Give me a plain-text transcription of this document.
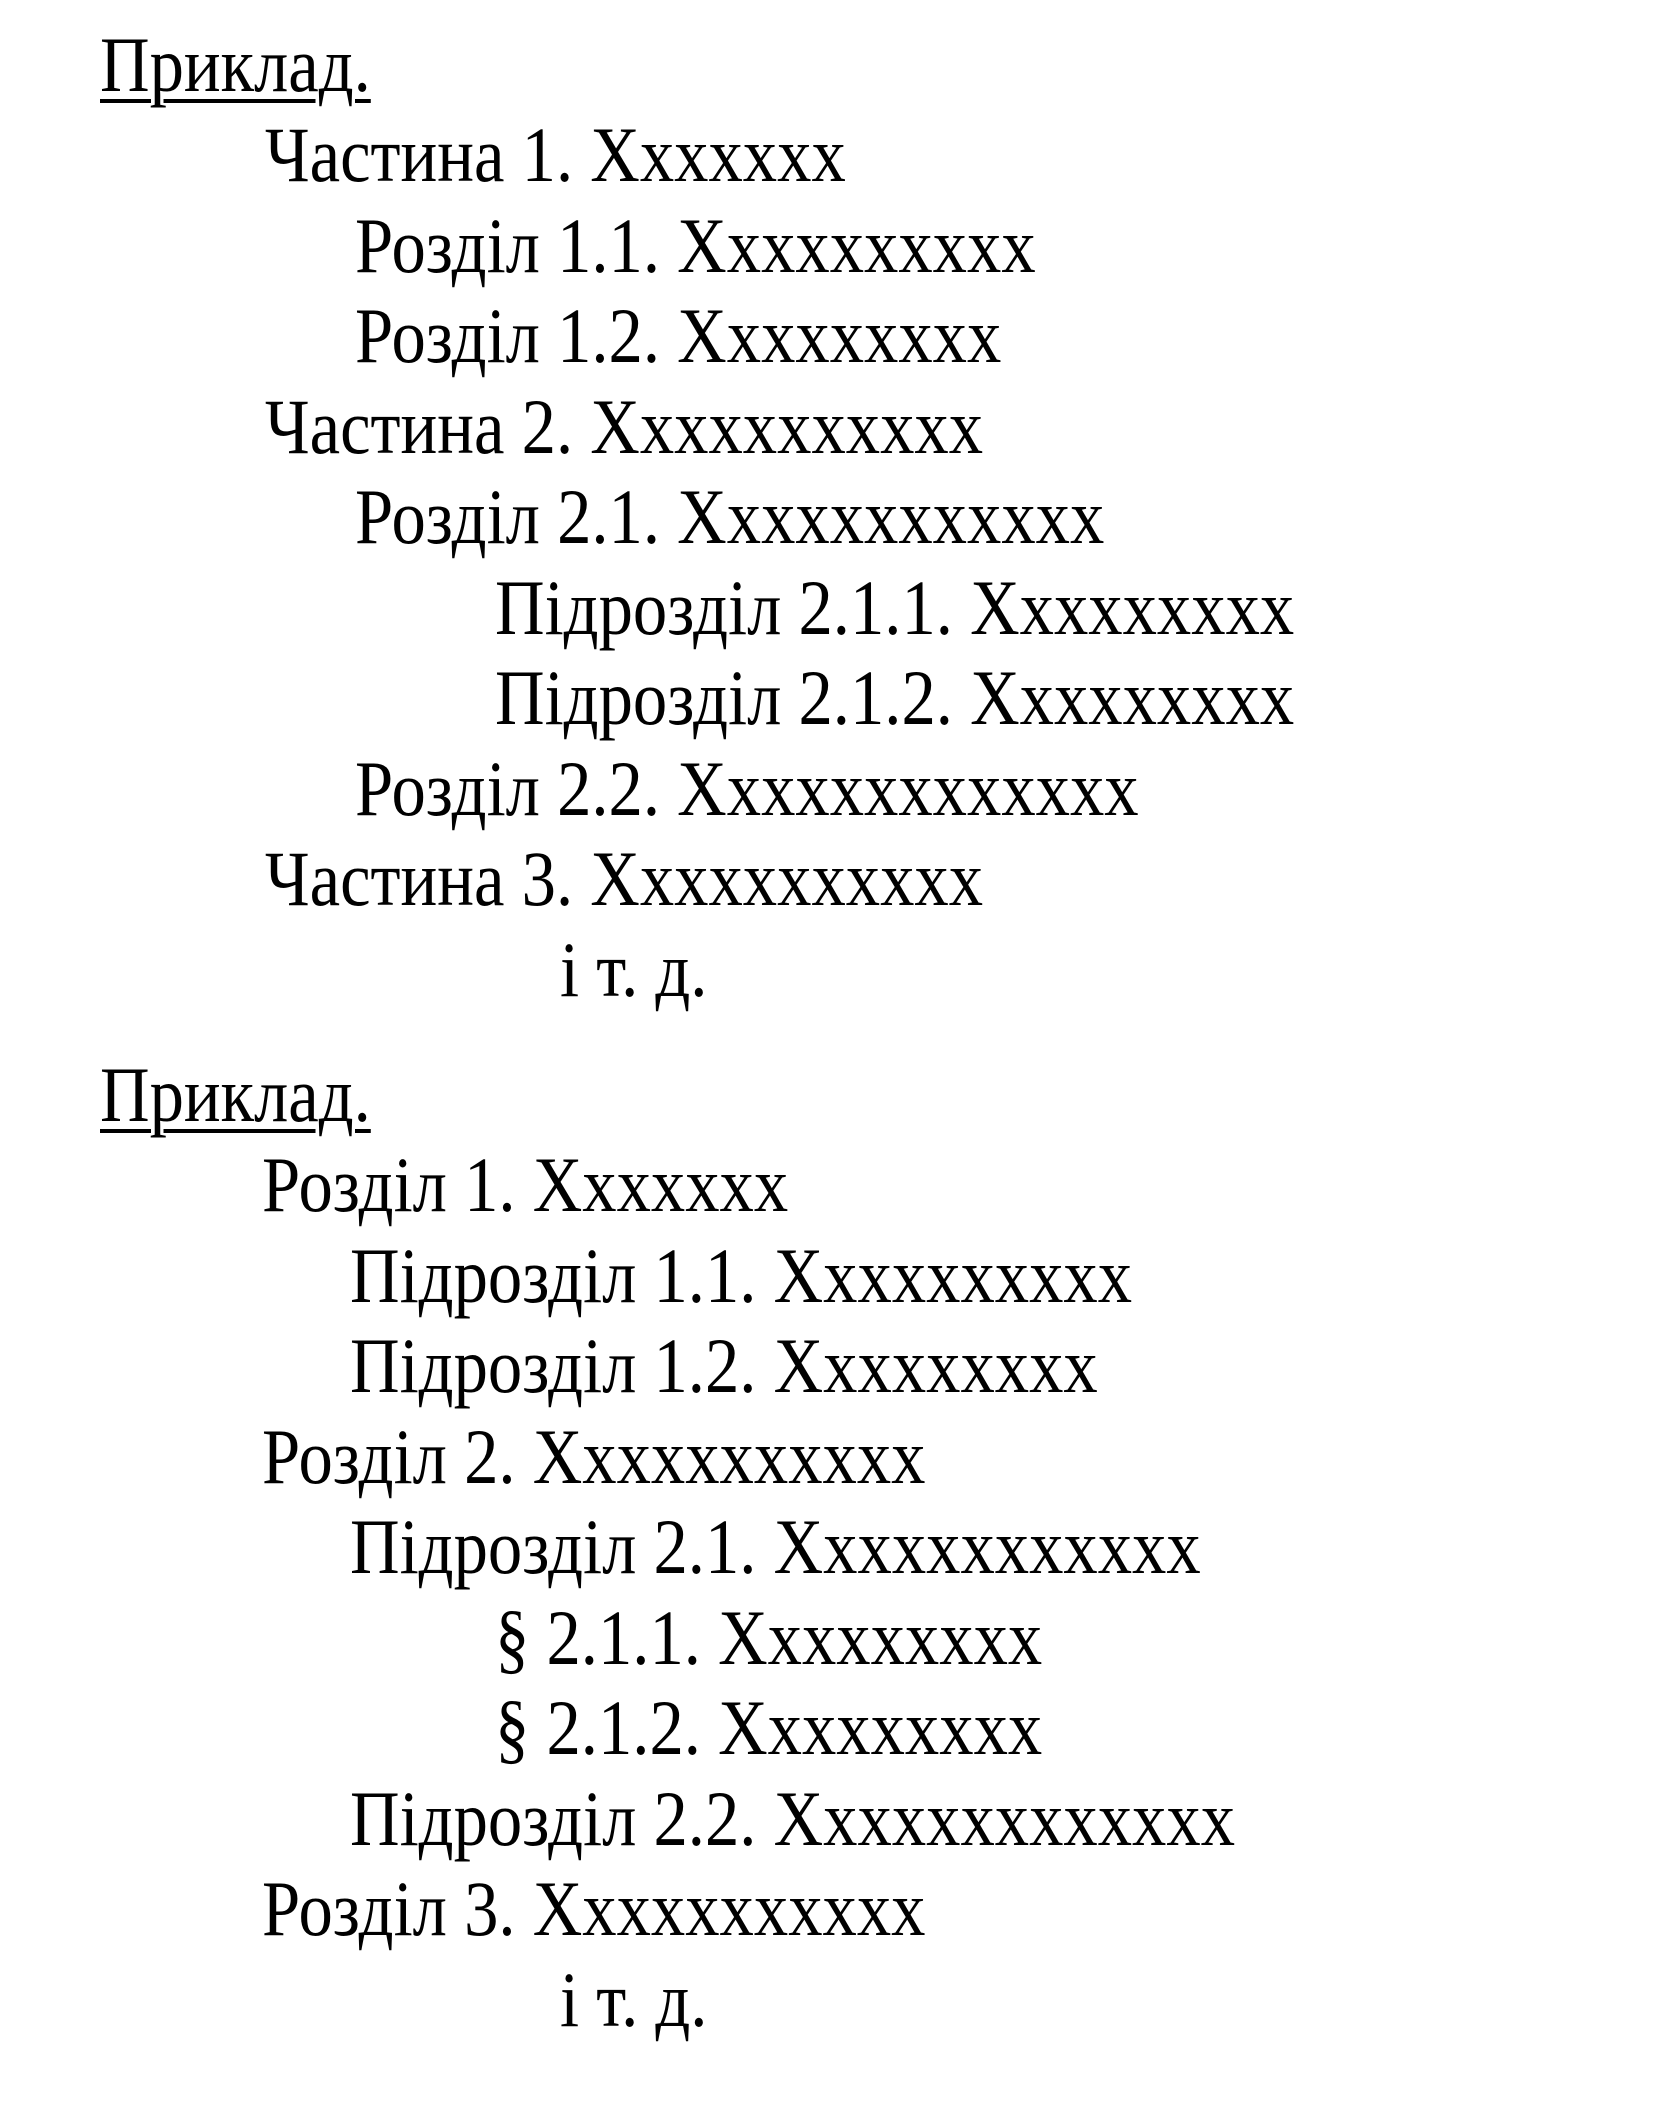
Приклад.
Частина 1. Xxxxxxx
Розділ 1.1. Xxxxxxxxxx
Розділ 1.2. Xxxxxxxxx
Частина 2. Xxxxxxxxxxx
Розділ 2.1. Xxxxxxxxxxxx
Підрозділ 2.1.1. Xxxxxxxxx
Підрозділ 2.1.2. Xxxxxxxxx
Розділ 2.2. Xxxxxxxxxxxxx
Частина 3. Xxxxxxxxxxx
і т. д.
Приклад.
Розділ 1. Xxxxxxx
Підрозділ 1.1. Xxxxxxxxxx
Підрозділ 1.2. Xxxxxxxxx
Розділ 2. Xxxxxxxxxxx
Підрозділ 2.1. Xxxxxxxxxxxx
§ 2.1.1. Xxxxxxxxx
§ 2.1.2. Xxxxxxxxx
Підрозділ 2.2. Xxxxxxxxxxxxx
Розділ 3. Xxxxxxxxxxx
і т. д.
